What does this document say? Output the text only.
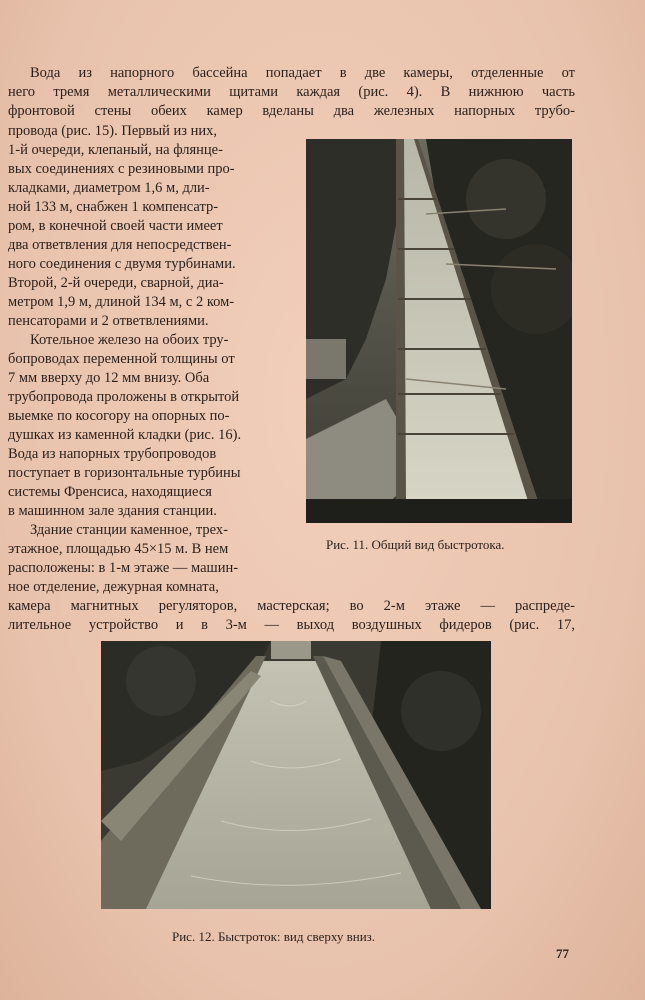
Вода из напорного бассейна попадает в две камеры, отделенные от
него тремя металлическими щитами каждая (рис. 4). В нижнюю часть
фронтовой стены обеих камер вделаны два железных напорных трубо-
провода (рис. 15). Первый из них,
1-й очереди, клепаный, на флянце-
вых соединениях с резиновыми про-
кладками, диаметром 1,6 м, дли-
ной 133 м, снабжен 1 компенсатр-
ром, в конечной своей части имеет
два ответвления для непосредствен-
ного соединения с двумя турбинами.
Второй, 2-й очереди, сварной, диа-
метром 1,9 м, длиной 134 м, с 2 ком-
пенсаторами и 2 ответвлениями.
Котельное железо на обоих тру-
бопроводах переменной толщины от
7 мм вверху до 12 мм внизу. Оба
трубопровода проложены в открытой
выемке по косогору на опорных по-
душках из каменной кладки (рис. 16).
Вода из напорных трубопроводов
поступает в горизонтальные турбины
системы Френсиса, находящиеся
в машинном зале здания станции.
Здание станции каменное, трех-
этажное, площадью 45×15 м. В нем
расположены: в 1-м этаже — машин-
ное отделение, дежурная комната,
камера магнитных регуляторов, мастерская; во 2-м этаже — распреде-
лительное устройство и в 3-м — выход воздушных фидеров (рис. 17,
Рис. 11. Общий вид быстротока.
Рис. 12. Быстроток: вид сверху вниз.
77
